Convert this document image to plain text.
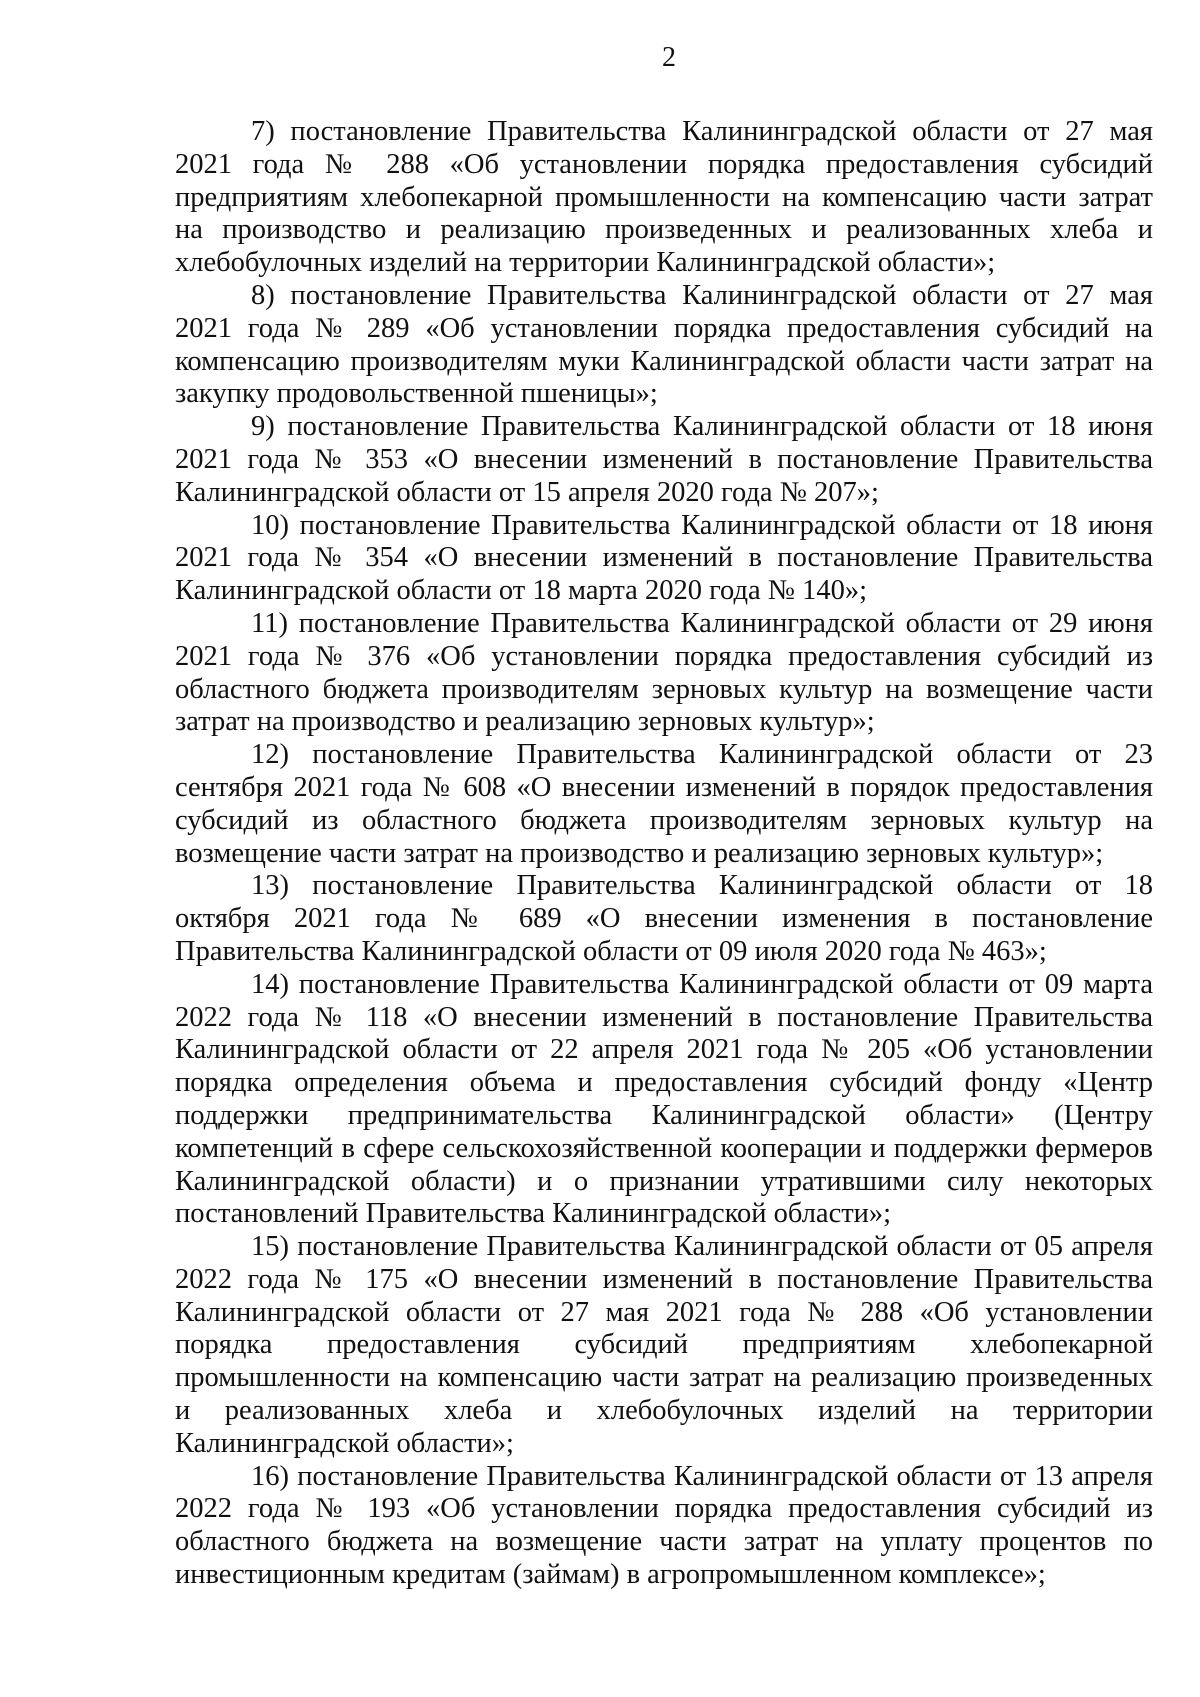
2

7) постановление Правительства Калининградской области от 27 мая 2021 года № 288 «Об установлении порядка предоставления субсидий предприятиям хлебопекарной промышленности на компенсацию части затрат на производство и реализацию произведенных и реализованных хлеба и хлебобулочных изделий на территории Калининградской области»;

8) постановление Правительства Калининградской области от 27 мая 2021 года № 289 «Об установлении порядка предоставления субсидий на компенсацию производителям муки Калининградской области части затрат на закупку продовольственной пшеницы»;

9) постановление Правительства Калининградской области от 18 июня 2021 года № 353 «О внесении изменений в постановление Правительства Калининградской области от 15 апреля 2020 года № 207»;

10) постановление Правительства Калининградской области от 18 июня 2021 года № 354 «О внесении изменений в постановление Правительства Калининградской области от 18 марта 2020 года № 140»;

11) постановление Правительства Калининградской области от 29 июня 2021 года № 376 «Об установлении порядка предоставления субсидий из областного бюджета производителям зерновых культур на возмещение части затрат на производство и реализацию зерновых культур»;

12) постановление Правительства Калининградской области от 23 сентября 2021 года № 608 «О внесении изменений в порядок предоставления субсидий из областного бюджета производителям зерновых культур на возмещение части затрат на производство и реализацию зерновых культур»;

13) постановление Правительства Калининградской области от 18 октября 2021 года № 689 «О внесении изменения в постановление Правительства Калининградской области от 09 июля 2020 года № 463»;

14) постановление Правительства Калининградской области от 09 марта 2022 года № 118 «О внесении изменений в постановление Правительства Калининградской области от 22 апреля 2021 года № 205 «Об установлении порядка определения объема и предоставления субсидий фонду «Центр поддержки предпринимательства Калининградской области» (Центру компетенций в сфере сельскохозяйственной кооперации и поддержки фермеров Калининградской области) и о признании утратившими силу некоторых постановлений Правительства Калининградской области»;

15) постановление Правительства Калининградской области от 05 апреля 2022 года № 175 «О внесении изменений в постановление Правительства Калининградской области от 27 мая 2021 года № 288 «Об установлении порядка предоставления субсидий предприятиям хлебопекарной промышленности на компенсацию части затрат на реализацию произведенных и реализованных хлеба и хлебобулочных изделий на территории Калининградской области»;

16) постановление Правительства Калининградской области от 13 апреля 2022 года № 193 «Об установлении порядка предоставления субсидий из областного бюджета на возмещение части затрат на уплату процентов по инвестиционным кредитам (займам) в агропромышленном комплексе»;
